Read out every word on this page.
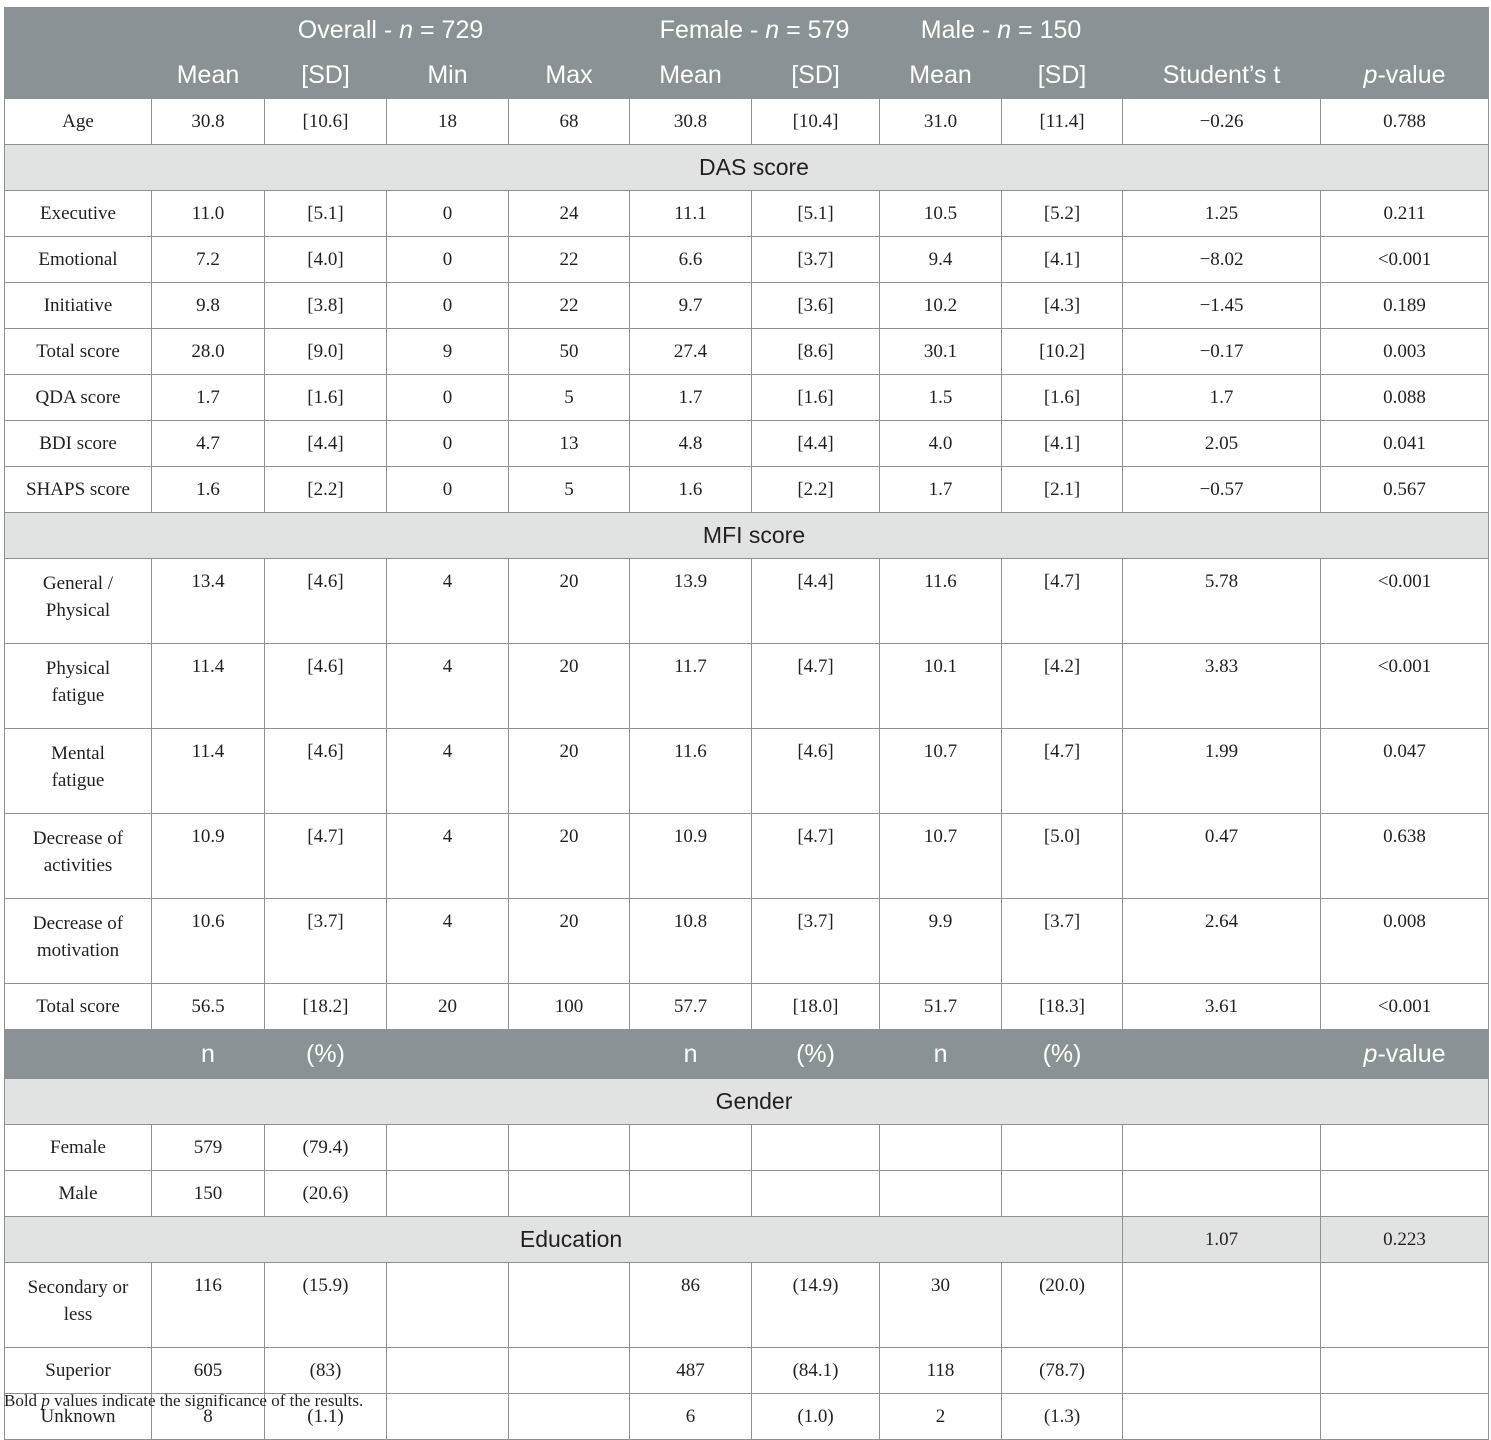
	Overall - n = 729				Female - n = 579		Male - n = 150		Student’s t	p-value
	Mean	[SD]	Min	Max	Mean	[SD]	Mean	[SD]		
Age	30.8	[10.6]	18	68	30.8	[10.4]	31.0	[11.4]	−0.26	0.788
DAS score										
Executive	11.0	[5.1]	0	24	11.1	[5.1]	10.5	[5.2]	1.25	0.211
Emotional	7.2	[4.0]	0	22	6.6	[3.7]	9.4	[4.1]	−8.02	<0.001
Initiative	9.8	[3.8]	0	22	9.7	[3.6]	10.2	[4.3]	−1.45	0.189
Total score	28.0	[9.0]	9	50	27.4	[8.6]	30.1	[10.2]	−0.17	0.003
QDA score	1.7	[1.6]	0	5	1.7	[1.6]	1.5	[1.6]	1.7	0.088
BDI score	4.7	[4.4]	0	13	4.8	[4.4]	4.0	[4.1]	2.05	0.041
SHAPS score	1.6	[2.2]	0	5	1.6	[2.2]	1.7	[2.1]	−0.57	0.567
MFI score										
General /
Physical	13.4	[4.6]	4	20	13.9	[4.4]	11.6	[4.7]	5.78	<0.001
Physical
fatigue	11.4	[4.6]	4	20	11.7	[4.7]	10.1	[4.2]	3.83	<0.001
Mental
fatigue	11.4	[4.6]	4	20	11.6	[4.6]	10.7	[4.7]	1.99	0.047
Decrease of
activities	10.9	[4.7]	4	20	10.9	[4.7]	10.7	[5.0]	0.47	0.638
Decrease of
motivation	10.6	[3.7]	4	20	10.8	[3.7]	9.9	[3.7]	2.64	0.008
Total score	56.5	[18.2]	20	100	57.7	[18.0]	51.7	[18.3]	3.61	<0.001
	n	(%)			n	(%)	n	(%)		p-value
Gender										
Female	579	(79.4)								
Male	150	(20.6)								
Education									1.07	0.223
Secondary or
less	116	(15.9)			86	(14.9)	30	(20.0)		
Superior	605	(83)			487	(84.1)	118	(78.7)		
Unknown	8	(1.1)			6	(1.0)	2	(1.3)		
Bold p values indicate the significance of the results.
